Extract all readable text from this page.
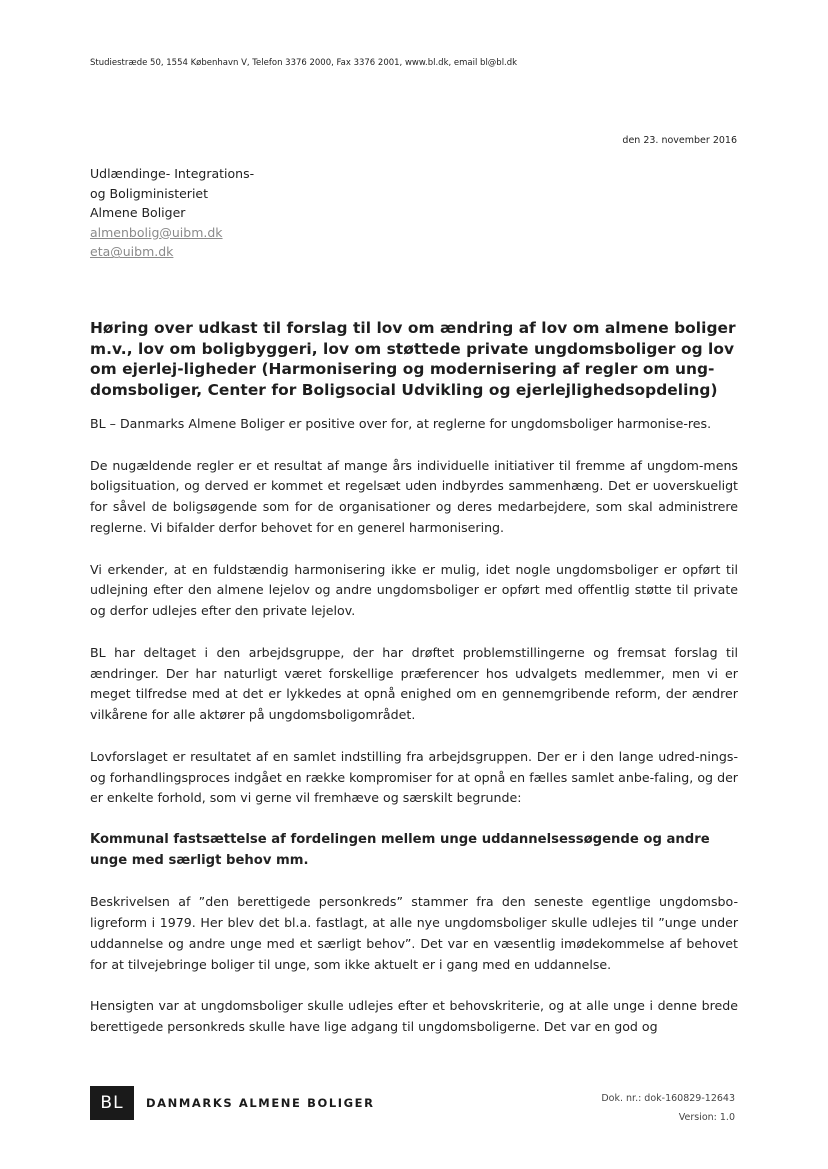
Studiestræde 50, 1554 København V, Telefon 3376 2000, Fax 3376 2001, www.bl.dk, email bl@bl.dk
den 23. november 2016
Udlændinge- Integrations-
og Boligministeriet
Almene Boliger
almenbolig@uibm.dk
eta@uibm.dk
Høring over udkast til forslag til lov om ændring af lov om almene boliger m.v., lov om boligbyggeri, lov om støttede private ungdomsboliger og lov om ejerlej-ligheder (Harmonisering og modernisering af regler om ung-domsboliger, Center for Boligsocial Udvikling og ejerlejlighedsopdeling)

BL – Danmarks Almene Boliger er positive over for, at reglerne for ungdomsboliger harmonise-res.

De nugældende regler er et resultat af mange års individuelle initiativer til fremme af ungdom-mens boligsituation, og derved er kommet et regelsæt uden indbyrdes sammenhæng. Det er uoverskueligt for såvel de boligsøgende som for de organisationer og deres medarbejdere, som skal administrere reglerne. Vi bifalder derfor behovet for en generel harmonisering.

Vi erkender, at en fuldstændig harmonisering ikke er mulig, idet nogle ungdomsboliger er opført til udlejning efter den almene lejelov og andre ungdomsboliger er opført med offentlig støtte til private og derfor udlejes efter den private lejelov.

BL har deltaget i den arbejdsgruppe, der har drøftet problemstillingerne og fremsat forslag til ændringer. Der har naturligt været forskellige præferencer hos udvalgets medlemmer, men vi er meget tilfredse med at det er lykkedes at opnå enighed om en gennemgribende reform, der ændrer vilkårene for alle aktører på ungdomsboligområdet.

Lovforslaget er resultatet af en samlet indstilling fra arbejdsgruppen. Der er i den lange udred-nings- og forhandlingsproces indgået en række kompromiser for at opnå en fælles samlet anbe-faling, og der er enkelte forhold, som vi gerne vil fremhæve og særskilt begrunde:

Kommunal fastsættelse af fordelingen mellem unge uddannelsessøgende og andre unge med særligt behov mm.

Beskrivelsen af ”den berettigede personkreds” stammer fra den seneste egentlige ungdomsbo-ligreform i 1979. Her blev det bl.a. fastlagt, at alle nye ungdomsboliger skulle udlejes til ”unge under uddannelse og andre unge med et særligt behov”. Det var en væsentlig imødekommelse af behovet for at tilvejebringe boliger til unge, som ikke aktuelt er i gang med en uddannelse.

Hensigten var at ungdomsboliger skulle udlejes efter et behovskriterie, og at alle unge i denne brede berettigede personkreds skulle have lige adgang til ungdomsboligerne. Det var en god og

BL	DANMARKS ALMENE BOLIGER	Dok. nr.: dok-160829-12643
Version: 1.0
